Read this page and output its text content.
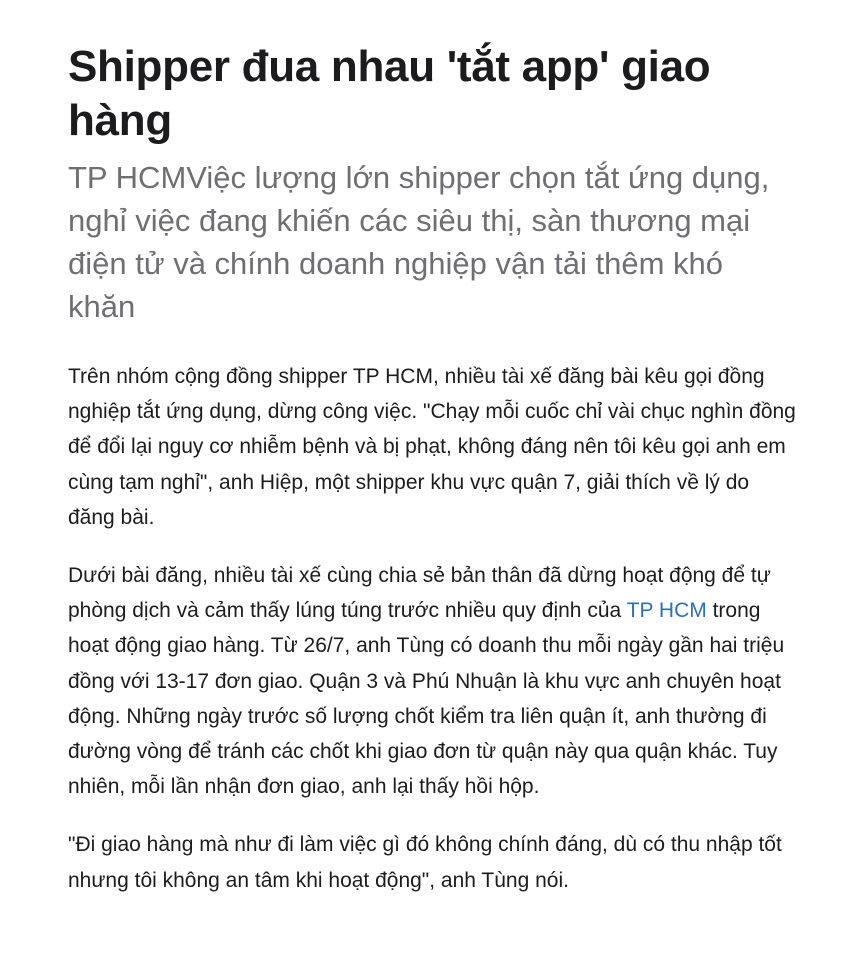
Shipper đua nhau 'tắt app' giao hàng

TP HCMViệc lượng lớn shipper chọn tắt ứng dụng, nghỉ việc đang khiến các siêu thị, sàn thương mại điện tử và chính doanh nghiệp vận tải thêm khó khăn

Trên nhóm cộng đồng shipper TP HCM, nhiều tài xế đăng bài kêu gọi đồng nghiệp tắt ứng dụng, dừng công việc. "Chạy mỗi cuốc chỉ vài chục nghìn đồng để đổi lại nguy cơ nhiễm bệnh và bị phạt, không đáng nên tôi kêu gọi anh em cùng tạm nghỉ", anh Hiệp, một shipper khu vực quận 7, giải thích về lý do đăng bài.

Dưới bài đăng, nhiều tài xế cùng chia sẻ bản thân đã dừng hoạt động để tự phòng dịch và cảm thấy lúng túng trước nhiều quy định của TP HCM trong hoạt động giao hàng. Từ 26/7, anh Tùng có doanh thu mỗi ngày gần hai triệu đồng với 13-17 đơn giao. Quận 3 và Phú Nhuận là khu vực anh chuyên hoạt động. Những ngày trước số lượng chốt kiểm tra liên quận ít, anh thường đi đường vòng để tránh các chốt khi giao đơn từ quận này qua quận khác. Tuy nhiên, mỗi lần nhận đơn giao, anh lại thấy hồi hộp.

"Đi giao hàng mà như đi làm việc gì đó không chính đáng, dù có thu nhập tốt nhưng tôi không an tâm khi hoạt động", anh Tùng nói.
